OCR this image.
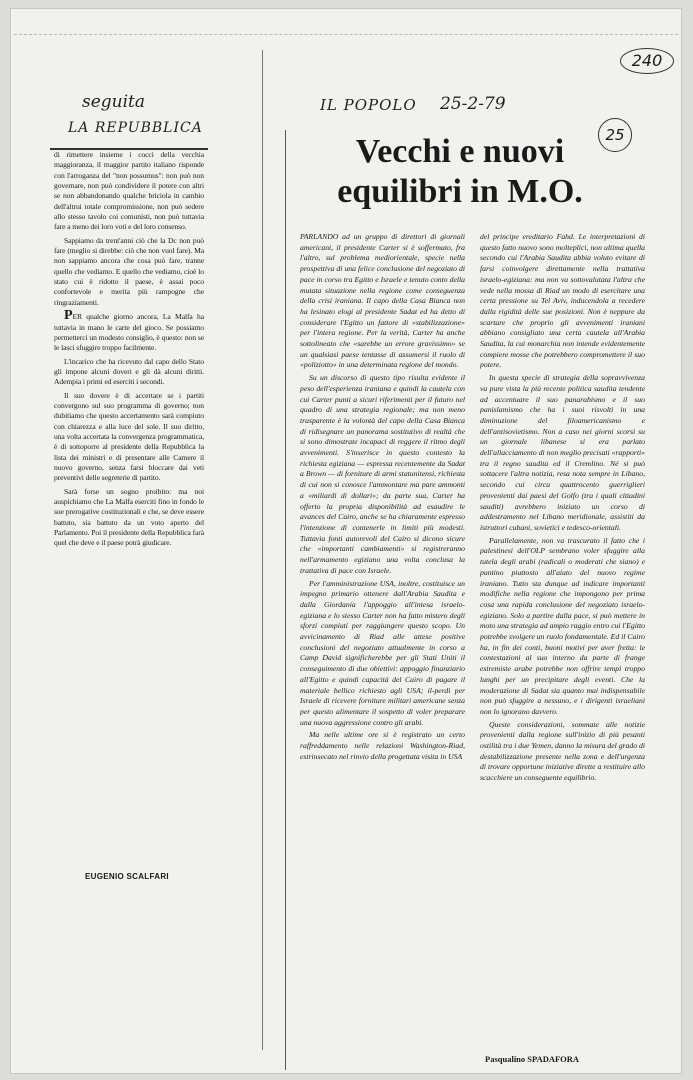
240
seguita
LA REPUBBLICA

di rimettere insieme i cocci della vecchia maggioranza, il maggior partito italiano risponde con l'arroganza del "non possumus": non può non governare, non può condividere il potere con altri se non abbandonando qualche briciola in cambio dell'altrui totale compromissione, non può sedere allo stesso tavolo coi comunisti, non può tuttavia fare a meno dei loro voti e del loro consenso.

Sappiamo da trent'anni ciò che la Dc non può fare (meglio si direbbe: ciò che non vuol fare). Ma non sappiamo ancora che cosa può fare, tranne quello che vediamo. E quello che vediamo, cioè lo stato cui è ridotto il paese, è assai poco confortevole e merita più rampogne che ringraziamenti.

PER qualche giorno ancora, La Malfa ha tuttavia in mano le carte del gioco. Se possiamo permetterci un modesto consiglio, è questo: non se le lasci sfuggire troppo facilmente.

L'incarico che ha ricevuto dal capo dello Stato gli impone alcuni doveri e gli dà alcuni diritti. Adempia i primi ed eserciti i secondi.

Il suo dovere è di accertare se i partiti convergono sul suo programma di governo; non dubitiamo che questo accertamento sarà compiuto con chiarezza e alla luce del sole. Il suo diritto, una volta accertata la convergenza programmatica, è di sottoporre al presidente della Repubblica la lista dei ministri e di presentare alle Camere il nuovo governo, senza farsi bloccare dai veti preventivi delle segreterie di partito.

Sarà forse un sogno proibito: ma noi auspichiamo che La Malfa eserciti fino in fondo le sue prerogative costituzionali e che, se deve essere battuto, sia battuto da un voto aperto del Parlamento. Poi il presidente della Repubblica farà quel che deve e il paese potrà giudicare.

EUGENIO SCALFARI
IL POPOLO 25-2-79
25
Vecchi e nuovi
equilibri in M.O.

PARLANDO ad un gruppo di direttori di giornali americani, il presidente Carter si è soffermato, fra l'altro, sul problema mediorientale, specie nella prospettiva di una felice conclusione del negoziato di pace in corso tra Egitto e Israele e tenuto conto della mutata situazione nella regione come conseguenza della crisi iraniana. Il capo della Casa Bianca non ha lesinato elogi al presidente Sadat ed ha detto di considerare l'Egitto un fattore di «stabilizzazione» per l'intera regione. Per la verità, Carter ha anche sottolineato che «sarebbe un errore gravissimo» se un qualsiasi paese tentasse di assumersi il ruolo di «poliziotto» in una determinata regione del mondo.

Su un discorso di questo tipo risulta evidente il peso dell'esperienza iraniana e quindi la cautela con cui Carter punti a sicuri riferimenti per il futuro nel quadro di una strategia regionale; ma non meno trasparente è la volontà del capo della Casa Bianca di ridisegnare un panorama sostitutivo di realtà che si sono dimostrate incapaci di reggere il ritmo degli avvenimenti. S'inserisce in questo contesto la richiesta egiziana — espressa recentemente da Sadat a Brown — di forniture di armi statunitensi, richiesta di cui non si conosce l'ammontare ma pare ammonti a «miliardi di dollari»; da parte sua, Carter ha offerto la propria disponibilità ad esaudire le avances del Cairo, anche se ha chiaramente espresso l'intenzione di contenerle in limiti più modesti. Tuttavia fonti autorevoli del Cairo si dicono sicure che «importanti cambiamenti» si registreranno nell'armamento egiziano una volta conclusa la trattativa di pace con Israele.

Per l'amministrazione USA, inoltre, costituisce un impegno primario ottenere dall'Arabia Saudita e dalla Giordania l'appoggio all'intesa israelo-egiziana e lo stesso Carter non ha fatto mistero degli sforzi compiuti per raggiungere questo scopo. Un avvicinamento di Riad alle attese positive conclusioni del negoziato attualmente in corso a Camp David significherebbe per gli Stati Uniti il conseguimento di due obiettivi: appoggio finanziario all'Egitto e quindi capacità del Cairo di pagare il materiale bellico richiesto agli USA; il-perdi per Israele di ricevere forniture militari americane senza per questo alimentare il sospetto di voler preparare una nuova aggressione contro gli arabi.

Ma nelle ultime ore si è registrato un certo raffreddamento nelle relazioni Washington-Riad, estrinsecato nel rinvio della progettata visita in USA

del principe ereditario Fahd. Le interpretazioni di questo fatto nuovo sono molteplici, non ultima quella secondo cui l'Arabia Saudita abbia voluto evitare di farsi coinvolgere direttamente nella trattativa israelo-egiziana: ma non va sottovalutata l'altra che vede nella mossa di Riad un modo di esercitare una certa pressione su Tel Aviv, inducendola a recedere dalla rigidità delle sue posizioni. Non è neppure da scartare che proprio gli avvenimenti iraniani abbiano consigliato una certa cautela all'Arabia Saudita, la cui monarchia non intende evidentemente compiere mosse che potrebbero compromettere il suo potere.

In questa specie di strategia della sopravvivenza va pure vista la più recente politica saudita tendente ad accentuare il suo panarabismo e il suo panislamismo che ha i suoi risvolti in una diminuzione del filoamericanismo e dell'antisovietismo. Non a caso nei giorni scorsi su un giornale libanese si era parlato dell'allacciamento di non meglio precisati «rapporti» tra il regno saudita ed il Cremlino. Né si può sottacere l'altra notizia, resa nota sempre in Libano, secondo cui circa quattrocento guerriglieri provenienti dai paesi del Golfo (tra i quali cittadini sauditi) avrebbero iniziato un corso di addestramento nel Libano meridionale, assistiti da istruttori cubani, sovietici e tedesco-orientali.

Parallelamente, non va trascurato il fatto che i palestinesi dell'OLP sembrano voler sfuggire alla tutela degli arabi (radicali o moderati che siano) e puntino piuttosto all'aiuto del nuovo regime iraniano. Tutto sta dunque ad indicare importanti modifiche nella regione che impongono per prima cosa una rapida conclusione del negoziato israelo-egiziano. Solo a partire dalla pace, si può mettere in moto una strategia ad ampio raggio entro cui l'Egitto potrebbe svolgere un ruolo fondamentale. Ed il Cairo ha, in fin dei conti, buoni motivi per aver fretta: le contestazioni al suo interno da parte di frange estremiste arabe potrebbe non offrire tempi troppo lunghi per un precipitare degli eventi. Che la moderazione di Sadat sia quanto mai indispensabile non può sfuggire a nessuno, e i dirigenti israeliani non lo ignorano davvero.

Queste considerazioni, sommate alle notizie provenienti dalla regione sull'inizio di più pesanti ostilità tra i due Yemen, danno la misura del grado di destabilizzazione presente nella zona e dell'urgenza di trovare opportune iniziative dirette a restituire allo scacchiere un conseguente equilibrio.

Pasqualino SPADAFORA
